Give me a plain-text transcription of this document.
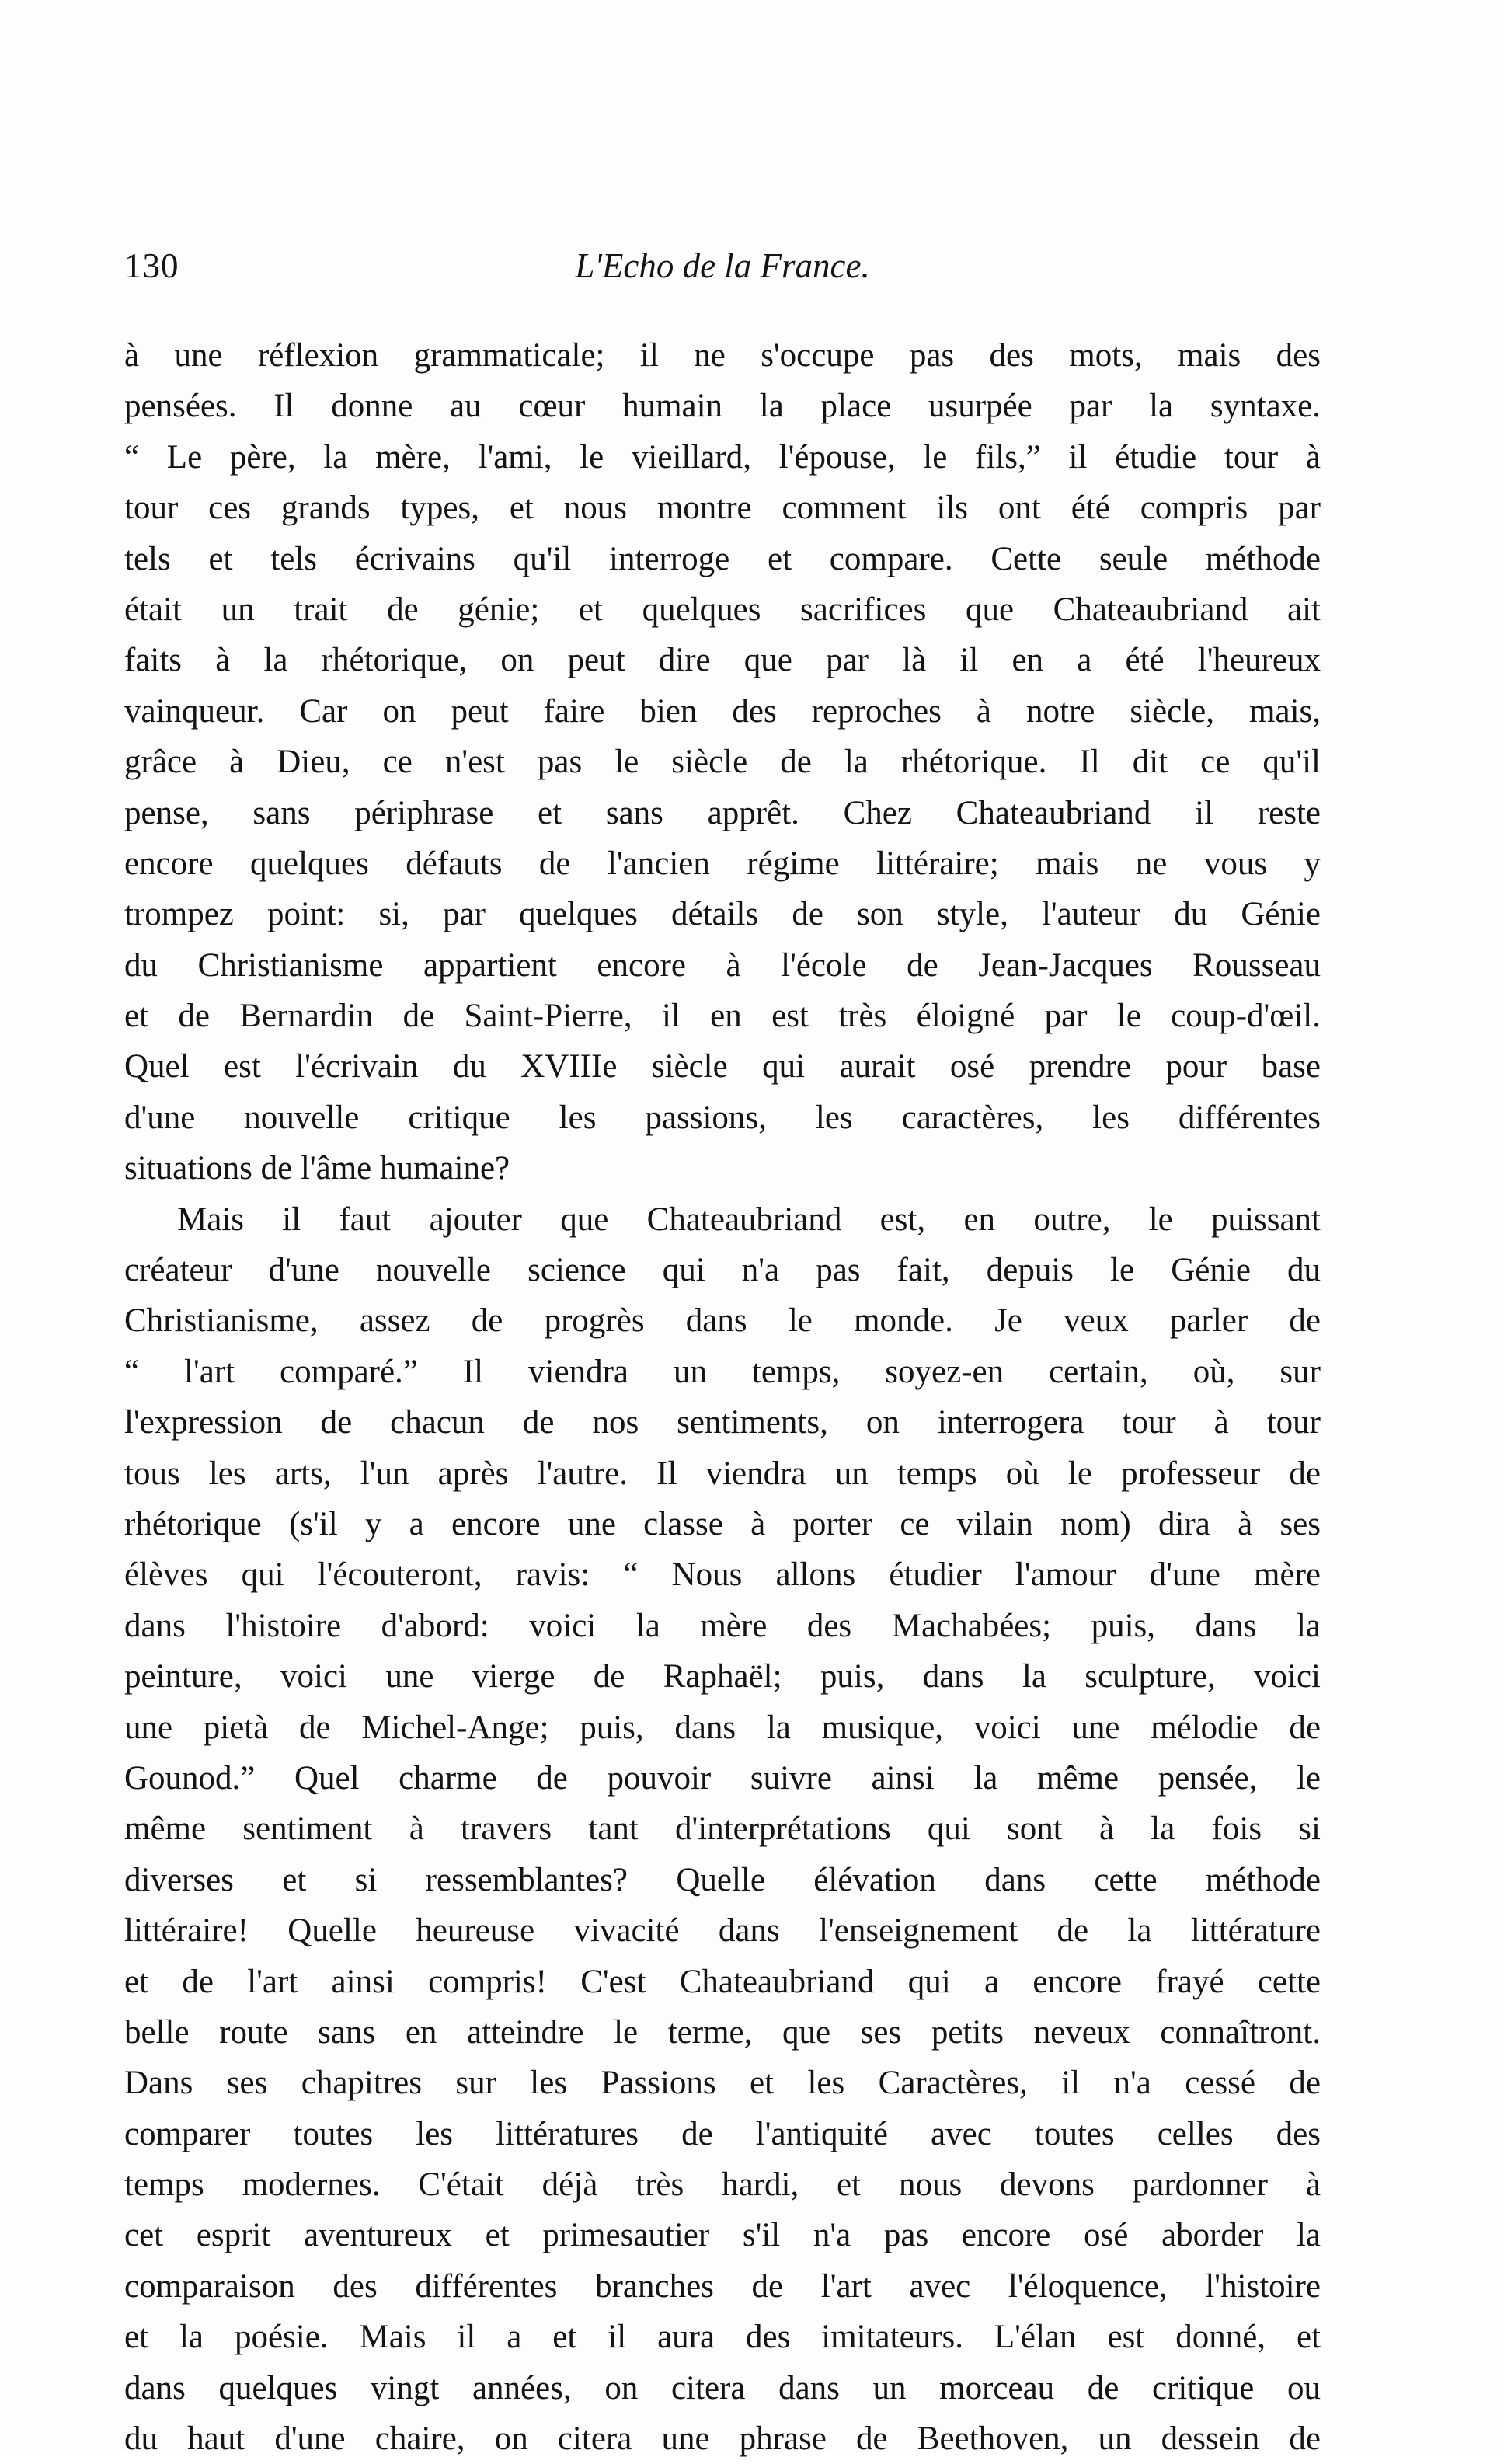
130	L'Echo de la France.
à une réflexion grammaticale; il ne s'occupe pas des mots, mais des
pensées. Il donne au cœur humain la place usurpée par la syntaxe.
“ Le père, la mère, l'ami, le vieillard, l'épouse, le fils,” il étudie tour à
tour ces grands types, et nous montre comment ils ont été compris par
tels et tels écrivains qu'il interroge et compare. Cette seule méthode
était un trait de génie; et quelques sacrifices que Chateaubriand ait
faits à la rhétorique, on peut dire que par là il en a été l'heureux
vainqueur. Car on peut faire bien des reproches à notre siècle, mais,
grâce à Dieu, ce n'est pas le siècle de la rhétorique. Il dit ce qu'il
pense, sans périphrase et sans apprêt. Chez Chateaubriand il reste
encore quelques défauts de l'ancien régime littéraire; mais ne vous y
trompez point: si, par quelques détails de son style, l'auteur du Génie
du Christianisme appartient encore à l'école de Jean-Jacques Rousseau
et de Bernardin de Saint-Pierre, il en est très éloigné par le coup-d'œil.
Quel est l'écrivain du XVIIIe siècle qui aurait osé prendre pour base
d'une nouvelle critique les passions, les caractères, les différentes
situations de l'âme humaine?
Mais il faut ajouter que Chateaubriand est, en outre, le puissant
créateur d'une nouvelle science qui n'a pas fait, depuis le Génie du
Christianisme, assez de progrès dans le monde. Je veux parler de
“ l'art comparé.” Il viendra un temps, soyez-en certain, où, sur
l'expression de chacun de nos sentiments, on interrogera tour à tour
tous les arts, l'un après l'autre. Il viendra un temps où le professeur de
rhétorique (s'il y a encore une classe à porter ce vilain nom) dira à ses
élèves qui l'écouteront, ravis: “ Nous allons étudier l'amour d'une mère
dans l'histoire d'abord: voici la mère des Machabées; puis, dans la
peinture, voici une vierge de Raphaël; puis, dans la sculpture, voici
une pietà de Michel-Ange; puis, dans la musique, voici une mélodie de
Gounod.” Quel charme de pouvoir suivre ainsi la même pensée, le
même sentiment à travers tant d'interprétations qui sont à la fois si
diverses et si ressemblantes? Quelle élévation dans cette méthode
littéraire! Quelle heureuse vivacité dans l'enseignement de la littérature
et de l'art ainsi compris! C'est Chateaubriand qui a encore frayé cette
belle route sans en atteindre le terme, que ses petits neveux connaîtront.
Dans ses chapitres sur les Passions et les Caractères, il n'a cessé de
comparer toutes les littératures de l'antiquité avec toutes celles des
temps modernes. C'était déjà très hardi, et nous devons pardonner à
cet esprit aventureux et primesautier s'il n'a pas encore osé aborder la
comparaison des différentes branches de l'art avec l'éloquence, l'histoire
et la poésie. Mais il a et il aura des imitateurs. L'élan est donné, et
dans quelques vingt années, on citera dans un morceau de critique ou
du haut d'une chaire, on citera une phrase de Beethoven, un dessein de
